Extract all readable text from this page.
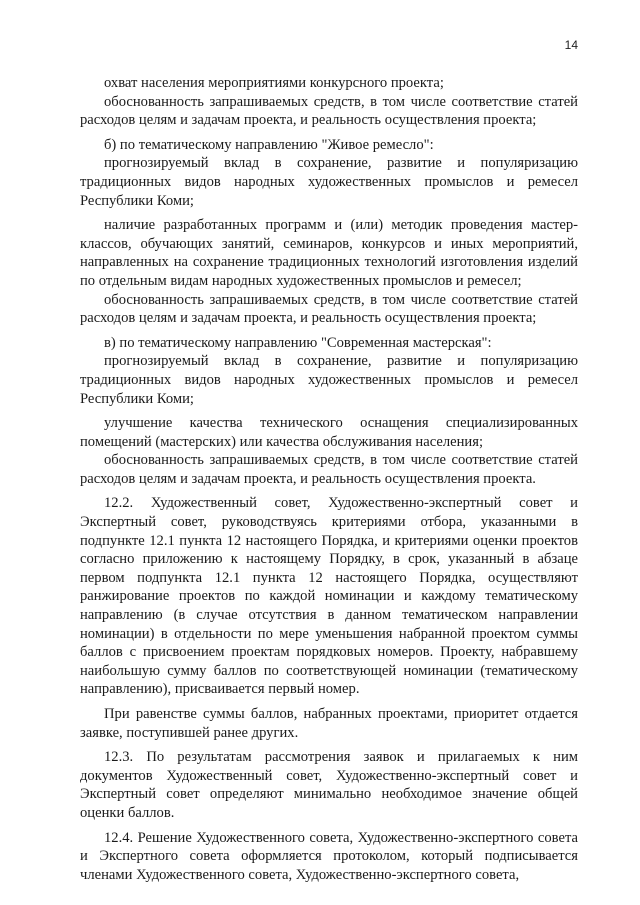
14

охват населения мероприятиями конкурсного проекта;

обоснованность запрашиваемых средств, в том числе соответствие статей расходов целям и задачам проекта, и реальность осуществления проекта;

б) по тематическому направлению "Живое ремесло":

прогнозируемый вклад в сохранение, развитие и популяризацию традиционных видов народных художественных промыслов и ремесел Республики Коми;

наличие разработанных программ и (или) методик проведения мастер-классов, обучающих занятий, семинаров, конкурсов и иных мероприятий, направленных на сохранение традиционных технологий изготовления изделий по отдельным видам народных художественных промыслов и ремесел;

обоснованность запрашиваемых средств, в том числе соответствие статей расходов целям и задачам проекта, и реальность осуществления проекта;

в) по тематическому направлению "Современная мастерская":

прогнозируемый вклад в сохранение, развитие и популяризацию традиционных видов народных художественных промыслов и ремесел Республики Коми;

улучшение качества технического оснащения специализированных помещений (мастерских) или качества обслуживания населения;

обоснованность запрашиваемых средств, в том числе соответствие статей расходов целям и задачам проекта, и реальность осуществления проекта.

12.2. Художественный совет, Художественно-экспертный совет и Экспертный совет, руководствуясь критериями отбора, указанными в подпункте 12.1 пункта 12 настоящего Порядка, и критериями оценки проектов согласно приложению к настоящему Порядку, в срок, указанный в абзаце первом подпункта 12.1 пункта 12 настоящего Порядка, осуществляют ранжирование проектов по каждой номинации и каждому тематическому направлению (в случае отсутствия в данном тематическом направлении номинации) в отдельности по мере уменьшения набранной проектом суммы баллов с присвоением проектам порядковых номеров. Проекту, набравшему наибольшую сумму баллов по соответствующей номинации (тематическому направлению), присваивается первый номер.

При равенстве суммы баллов, набранных проектами, приоритет отдается заявке, поступившей ранее других.

12.3. По результатам рассмотрения заявок и прилагаемых к ним документов Художественный совет, Художественно-экспертный совет и Экспертный совет определяют минимально необходимое значение общей оценки баллов.

12.4. Решение Художественного совета, Художественно-экспертного совета и Экспертного совета оформляется протоколом, который подписывается членами Художественного совета, Художественно-экспертного совета,
